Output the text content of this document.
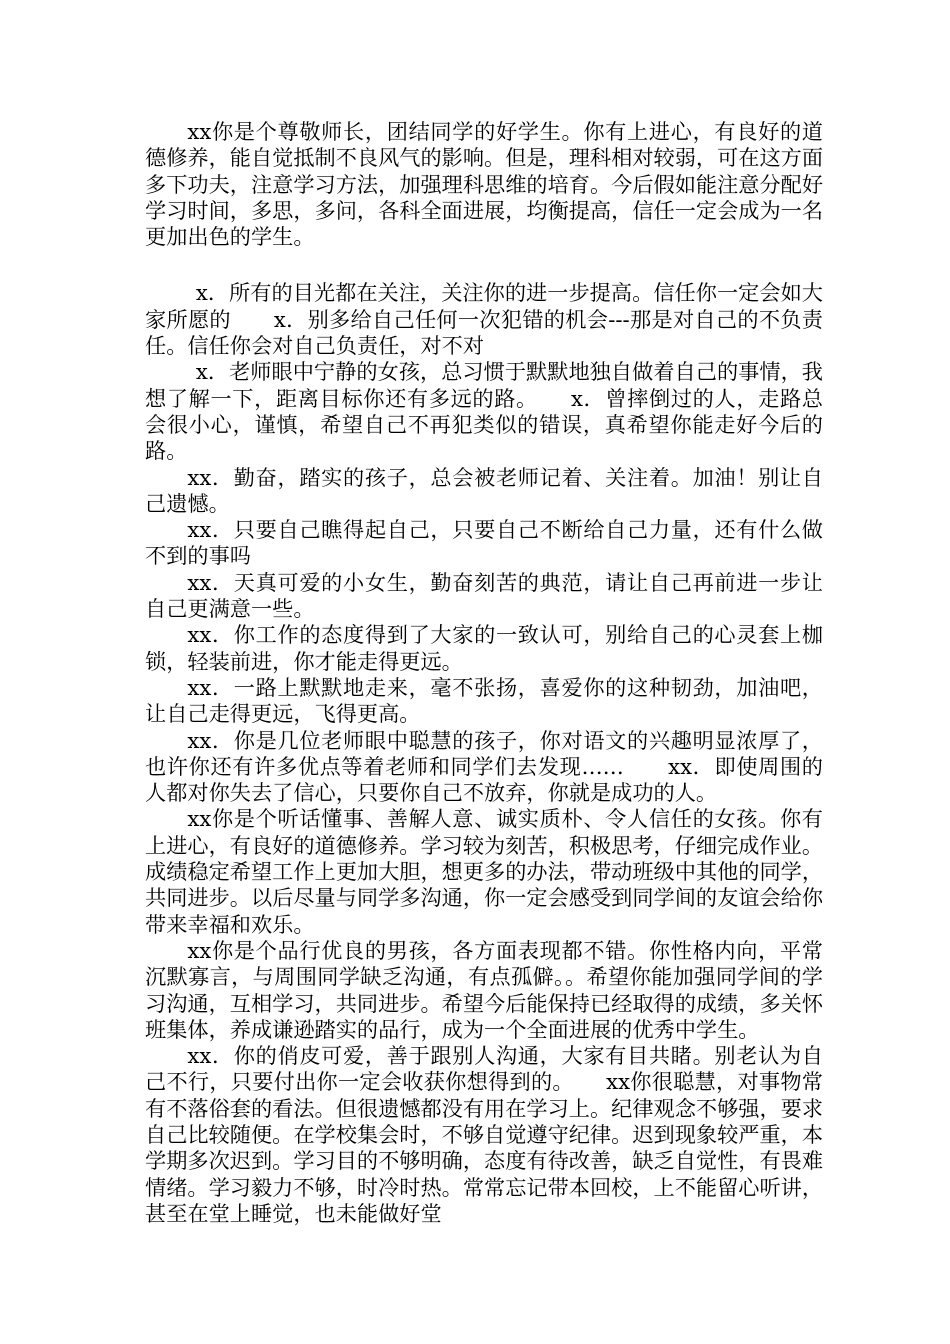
xx你是个尊敬师长，团结同学的好学生。你有上进心，有良好的道德修养，能自觉抵制不良风气的影响。但是，理科相对较弱，可在这方面多下功夫，注意学习方法，加强理科思维的培育。今后假如能注意分配好学习时间，多思，多问，各科全面进展，均衡提高，信任一定会成为一名更加出色的学生。

x．所有的目光都在关注，关注你的进一步提高。信任你一定会如大家所愿的　　x．别多给自己任何一次犯错的机会---那是对自己的不负责任。信任你会对自己负责任，对不对

x．老师眼中宁静的女孩，总习惯于默默地独自做着自己的事情，我想了解一下，距离目标你还有多远的路。　　x．曾摔倒过的人，走路总会很小心，谨慎，希望自己不再犯类似的错误，真希望你能走好今后的路。

xx．勤奋，踏实的孩子，总会被老师记着、关注着。加油！别让自己遗憾。

xx．只要自己瞧得起自己，只要自己不断给自己力量，还有什么做不到的事吗

xx．天真可爱的小女生，勤奋刻苦的典范，请让自己再前进一步让自己更满意一些。

xx．你工作的态度得到了大家的一致认可，别给自己的心灵套上枷锁，轻装前进，你才能走得更远。

xx．一路上默默地走来，毫不张扬，喜爱你的这种韧劲，加油吧，让自己走得更远，飞得更高。

xx．你是几位老师眼中聪慧的孩子，你对语文的兴趣明显浓厚了，也许你还有许多优点等着老师和同学们去发现……　　xx．即使周围的人都对你失去了信心，只要你自己不放弃，你就是成功的人。

xx你是个听话懂事、善解人意、诚实质朴、令人信任的女孩。你有上进心，有良好的道德修养。学习较为刻苦，积极思考，仔细完成作业。成绩稳定希望工作上更加大胆，想更多的办法，带动班级中其他的同学，共同进步。以后尽量与同学多沟通，你一定会感受到同学间的友谊会给你带来幸福和欢乐。

xx你是个品行优良的男孩，各方面表现都不错。你性格内向，平常沉默寡言，与周围同学缺乏沟通，有点孤僻。。希望你能加强同学间的学习沟通，互相学习，共同进步。希望今后能保持已经取得的成绩，多关怀班集体，养成谦逊踏实的品行，成为一个全面进展的优秀中学生。

xx．你的俏皮可爱，善于跟别人沟通，大家有目共睹。别老认为自己不行，只要付出你一定会收获你想得到的。　　xx你很聪慧，对事物常有不落俗套的看法。但很遗憾都没有用在学习上。纪律观念不够强，要求自己比较随便。在学校集会时，不够自觉遵守纪律。迟到现象较严重，本学期多次迟到。学习目的不够明确，态度有待改善，缺乏自觉性，有畏难情绪。学习毅力不够，时冷时热。常常忘记带本回校，上不能留心听讲，甚至在堂上睡觉，也未能做好堂
